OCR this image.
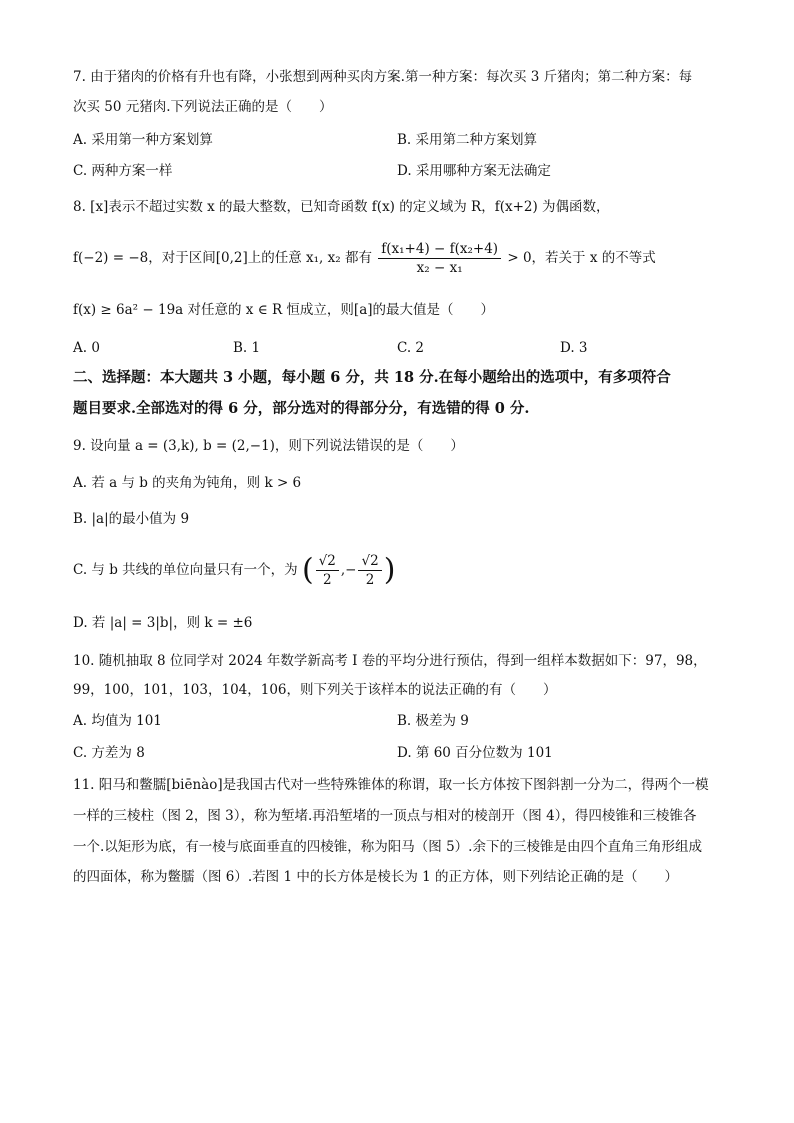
7. 由于猪肉的价格有升也有降，小张想到两种买肉方案.第一种方案：每次买 3 斤猪肉；第二种方案：每
次买 50 元猪肉.下列说法正确的是（　　）
A. 采用第一种方案划算	B. 采用第二种方案划算
C. 两种方案一样	D. 采用哪种方案无法确定
8. [x]表示不超过实数 x 的最大整数，已知奇函数 f(x) 的定义域为 R，f(x+2) 为偶函数，
f(−2) = −8，对于区间[0,2]上的任意 x₁, x₂ 都有 $\frac{\text{f(x₁+4) − f(x₂+4)}}{\text{x₂ − x₁}} > 0$，若关于 x 的不等式
f(x) ≥ 6a² − 19a 对任意的 x ∈ R 恒成立，则[a]的最大值是（　　）
A. 0	B. 1	C. 2	D. 3
二、选择题：本大题共 3 小题，每小题 6 分，共 18 分.在每小题给出的选项中，有多项符合
题目要求.全部选对的得 6 分，部分选对的得部分分，有选错的得 0 分.
9. 设向量 a = (3,k), b = (2,−1)，则下列说法错误的是（　　）
A. 若 a 与 b 的夹角为钝角，则 k > 6
B. |a|的最小值为 9
C. 与 b 共线的单位向量只有一个，为 ( $\frac{√2}{2}$ ,− $\frac{√2}{2}$ )
D. 若 |a| = 3|b|，则 k = ±6
10. 随机抽取 8 位同学对 2024 年数学新高考 I 卷的平均分进行预估，得到一组样本数据如下：97，98，
99，100，101，103，104，106，则下列关于该样本的说法正确的有（　　）
A. 均值为 101	B. 极差为 9
C. 方差为 8	D. 第 60 百分位数为 101
11. 阳马和鳖臑[biēnào]是我国古代对一些特殊锥体的称谓，取一长方体按下图斜割一分为二，得两个一模
一样的三棱柱（图 2，图 3），称为堑堵.再沿堑堵的一顶点与相对的棱剖开（图 4），得四棱锥和三棱锥各
一个.以矩形为底，有一棱与底面垂直的四棱锥，称为阳马（图 5）.余下的三棱锥是由四个直角三角形组成
的四面体，称为鳖臑（图 6）.若图 1 中的长方体是棱长为 1 的正方体，则下列结论正确的是（　　）
